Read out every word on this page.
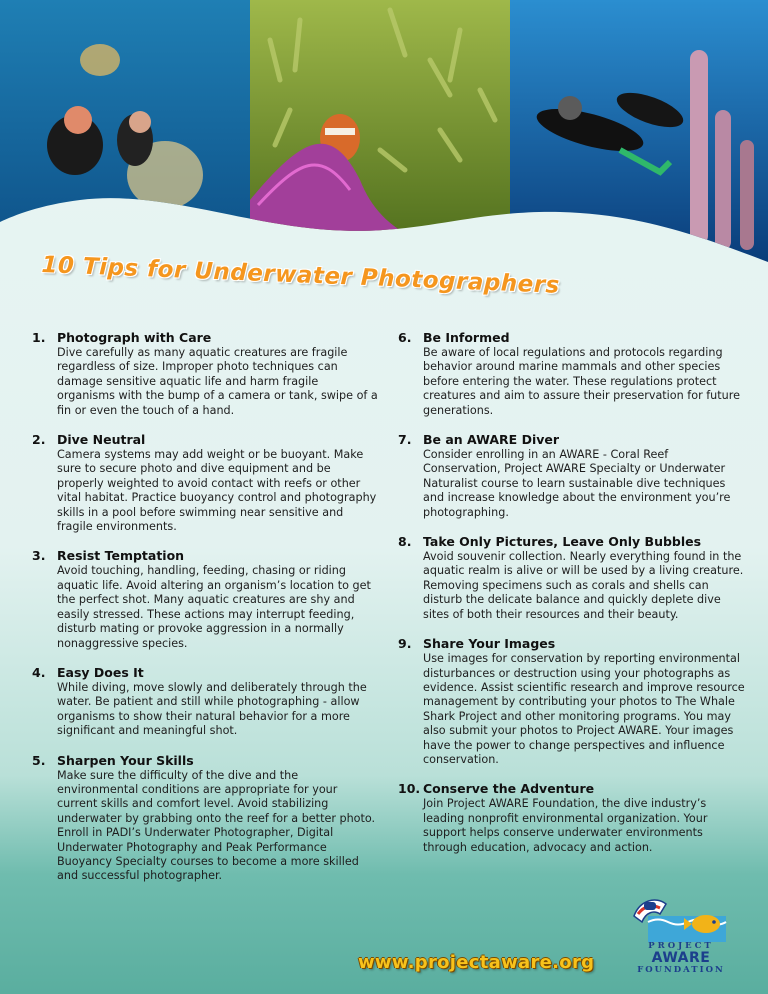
10 Tips for Underwater Photographers
1. Photograph with Care
Dive carefully as many aquatic creatures are fragile regardless of size. Improper photo techniques can damage sensitive aquatic life and harm fragile organisms with the bump of a camera or tank, swipe of a fin or even the touch of a hand.
2. Dive Neutral
Camera systems may add weight or be buoyant. Make sure to secure photo and dive equipment and be properly weighted to avoid contact with reefs or other vital habitat. Practice buoyancy control and photography skills in a pool before swimming near sensitive and fragile environments.
3. Resist Temptation
Avoid touching, handling, feeding, chasing or riding aquatic life. Avoid altering an organism’s location to get the perfect shot. Many aquatic creatures are shy and easily stressed. These actions may interrupt feeding, disturb mating or provoke aggression in a normally nonaggressive species.
4. Easy Does It
While diving, move slowly and deliberately through the water. Be patient and still while photographing - allow organisms to show their natural behavior for a more significant and meaningful shot.
5. Sharpen Your Skills
Make sure the difficulty of the dive and the environmental conditions are appropriate for your current skills and comfort level. Avoid stabilizing underwater by grabbing onto the reef for a better photo. Enroll in PADI’s Underwater Photographer, Digital Underwater Photography and Peak Performance Buoyancy Specialty courses to become a more skilled and successful photographer.
6. Be Informed
Be aware of local regulations and protocols regarding behavior around marine mammals and other species before entering the water. These regulations protect creatures and aim to assure their preservation for future generations.
7. Be an AWARE Diver
Consider enrolling in an AWARE - Coral Reef Conservation, Project AWARE Specialty or Underwater Naturalist course to learn sustainable dive techniques and increase knowledge about the environment you’re photographing.
8. Take Only Pictures, Leave Only Bubbles
Avoid souvenir collection. Nearly everything found in the aquatic realm is alive or will be used by a living creature. Removing specimens such as corals and shells can disturb the delicate balance and quickly deplete dive sites of both their resources and their beauty.
9. Share Your Images
Use images for conservation by reporting environmental disturbances or destruction using your photographs as evidence. Assist scientific research and improve resource management by contributing your photos to The Whale Shark Project and other monitoring programs. You may also submit your photos to Project AWARE. Your images have the power to change perspectives and influence conservation.
10. Conserve the Adventure
Join Project AWARE Foundation, the dive industry’s leading nonprofit environmental organization. Your support helps conserve underwater environments through education, advocacy and action.
www.projectaware.org
PROJECT
AWARE
FOUNDATION
